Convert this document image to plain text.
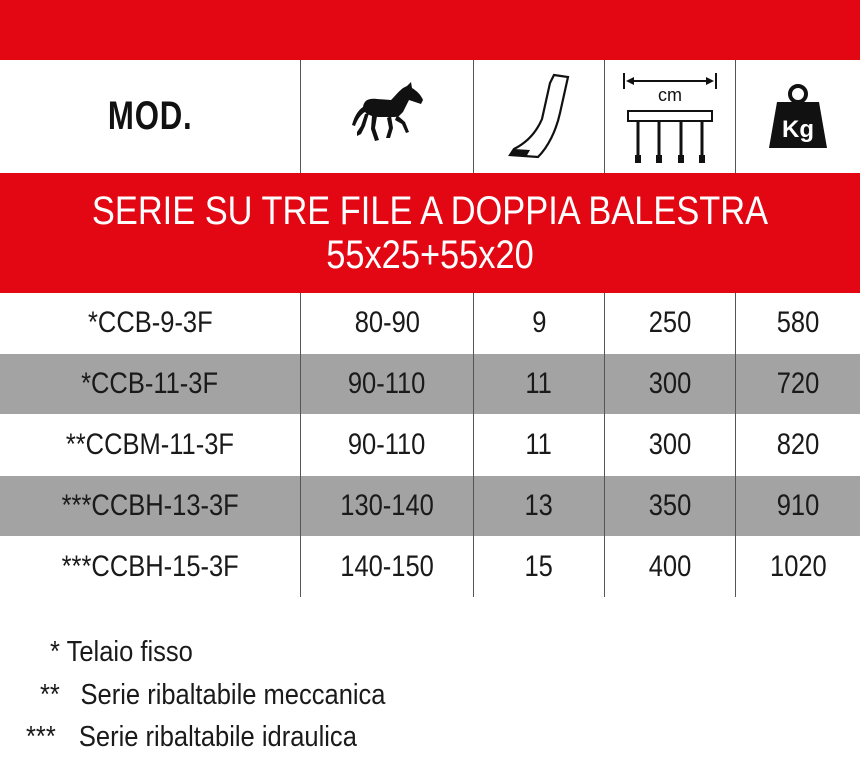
MOD.	cm
Kg
SERIE SU TRE FILE A DOPPIA BALESTRA
55x25+55x20
*CCB-9-3F	80-90	9	250	580
*CCB-11-3F	90-110	11	300	720
**CCBM-11-3F	90-110	11	300	820
***CCBH-13-3F	130-140	13	350	910
***CCBH-15-3F	140-150	15	400	1020
* Telaio fisso
** Serie ribaltabile meccanica
*** Serie ribaltabile idraulica
